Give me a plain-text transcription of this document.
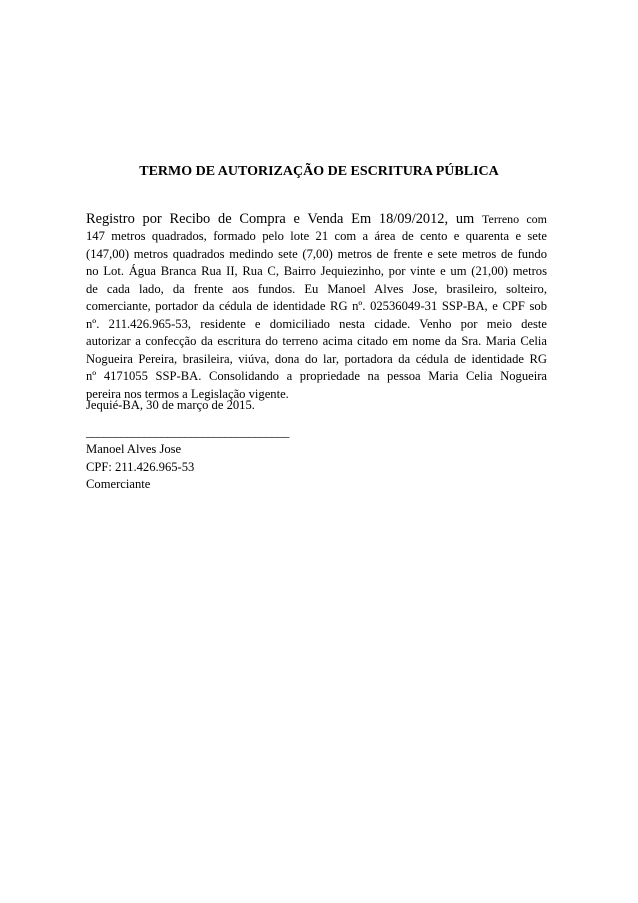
TERMO DE AUTORIZAÇÃO DE ESCRITURA PÚBLICA
Registro por Recibo de Compra e Venda Em 18/09/2012, um Terreno com
147 metros quadrados, formado pelo lote 21 com a área de cento e quarenta e sete
(147,00) metros quadrados medindo sete (7,00) metros de frente e sete metros de fundo
no Lot. Água Branca Rua II, Rua C, Bairro Jequiezinho, por vinte e um (21,00) metros
de cada lado, da frente aos fundos. Eu Manoel Alves Jose, brasileiro, solteiro,
comerciante, portador da cédula de identidade RG nº. 02536049-31 SSP-BA, e CPF sob
nº. 211.426.965-53, residente e domiciliado nesta cidade. Venho por meio deste
autorizar a confecção da escritura do terreno acima citado em nome da Sra. Maria Celia
Nogueira Pereira, brasileira, viúva, dona do lar, portadora da cédula de identidade RG
nº 4171055 SSP-BA. Consolidando a propriedade na pessoa Maria Celia Nogueira
pereira nos termos a Legislação vigente.
Jequié-BA, 30 de março de 2015.
___________________________________
Manoel Alves Jose
CPF: 211.426.965-53
Comerciante
